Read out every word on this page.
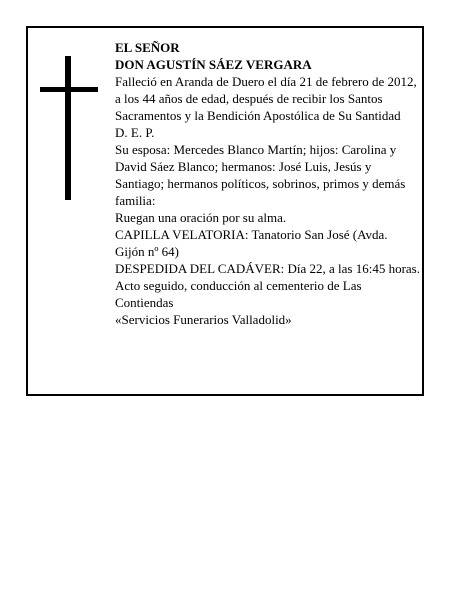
EL SEÑOR

DON AGUSTÍN SÁEZ VERGARA

Falleció en Aranda de Duero el día 21 de febrero de 2012, a los 44 años de edad, después de recibir los Santos Sacramentos y la Bendición Apostólica de Su Santidad

D. E. P.

Su esposa: Mercedes Blanco Martín; hijos: Carolina y David Sáez Blanco; hermanos: José Luis, Jesús y Santiago; hermanos políticos, sobrinos, primos y demás familia:

Ruegan una oración por su alma.

CAPILLA VELATORIA: Tanatorio San José (Avda. Gijón nº 64)

DESPEDIDA DEL CADÁVER: Día 22, a las 16:45 horas. Acto seguido, conducción al cementerio de Las Contiendas

«Servicios Funerarios Valladolid»
